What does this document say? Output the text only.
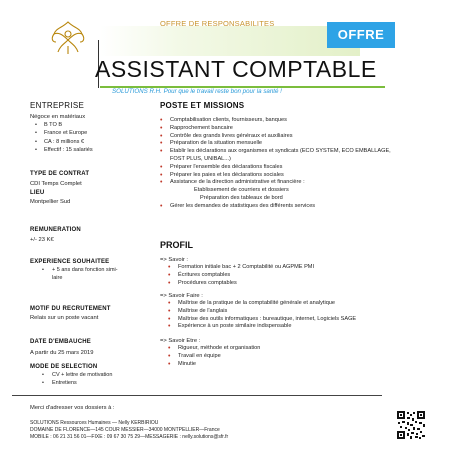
OFFRE DE RESPONSABILITES
OFFRE
ASSISTANT COMPTABLE
SOLUTIONS R.H. Pour que le travail reste bon pour la santé !
ENTREPRISE
Négoce en matériaux
• B TO B
• France et Europe
• CA : 8 millions €
• Effectif : 15 salariés
TYPE DE CONTRAT
CDI Temps Complet
LIEU
Montpellier Sud
REMUNERATION
+/- 23 K€
EXPERIENCE SOUHAITEE
• + 5 ans dans fonction simi-laire
MOTIF DU RECRUTEMENT
Relais sur un poste vacant
DATE D'EMBAUCHE
A partir du 25 mars 2019
MODE DE SELECTION
• CV + lettre de motivation
• Entretiens
POSTE ET MISSIONS
• Comptabilisation clients, fournisseurs, banques
• Rapprochement bancaire
• Contrôle des grands livres généraux et auxiliaires
• Préparation de la situation mensuelle
• Etablir les déclarations aux organismes et syndicats (ECO SYSTEM, ECO EMBALLAGE, FOST PLUS, UNIBAL...)
• Préparer l'ensemble des déclarations fiscales
• Préparer les paies et les déclarations sociales
• Assistance de la direction administrative et financière :
Etablissement de courriers et dossiers
Préparation des tableaux de bord
• Gérer les demandes de statistiques des différents services
PROFIL
=> Savoir :
• Formation initiale bac + 2 Comptabilité ou AGPME PMI
• Écritures comptables
• Procédures comptables
=> Savoir Faire :
• Maîtrise de la pratique de la comptabilité générale et analytique
• Maîtrise de l'anglais
• Maîtrise des outils informatiques : bureautique, internet, Logiciels SAGE
• Expérience à un poste similaire indispensable
=> Savoir Etre :
• Rigueur, méthode et organisation
• Travail en équipe
• Minutie
Merci d'adresser vos dossiers à :
SOLUTIONS Ressources Humaines — Nelly KERBIRIOU
DOMAINE DE FLORENCE—145 COUR MESSIER—34000 MONTPELLIER—France
MOBILE : 06 21 31 56 01—FIXE : 09 67 30 75 29—MESSAGERIE : nelly.solutions@sfr.fr
